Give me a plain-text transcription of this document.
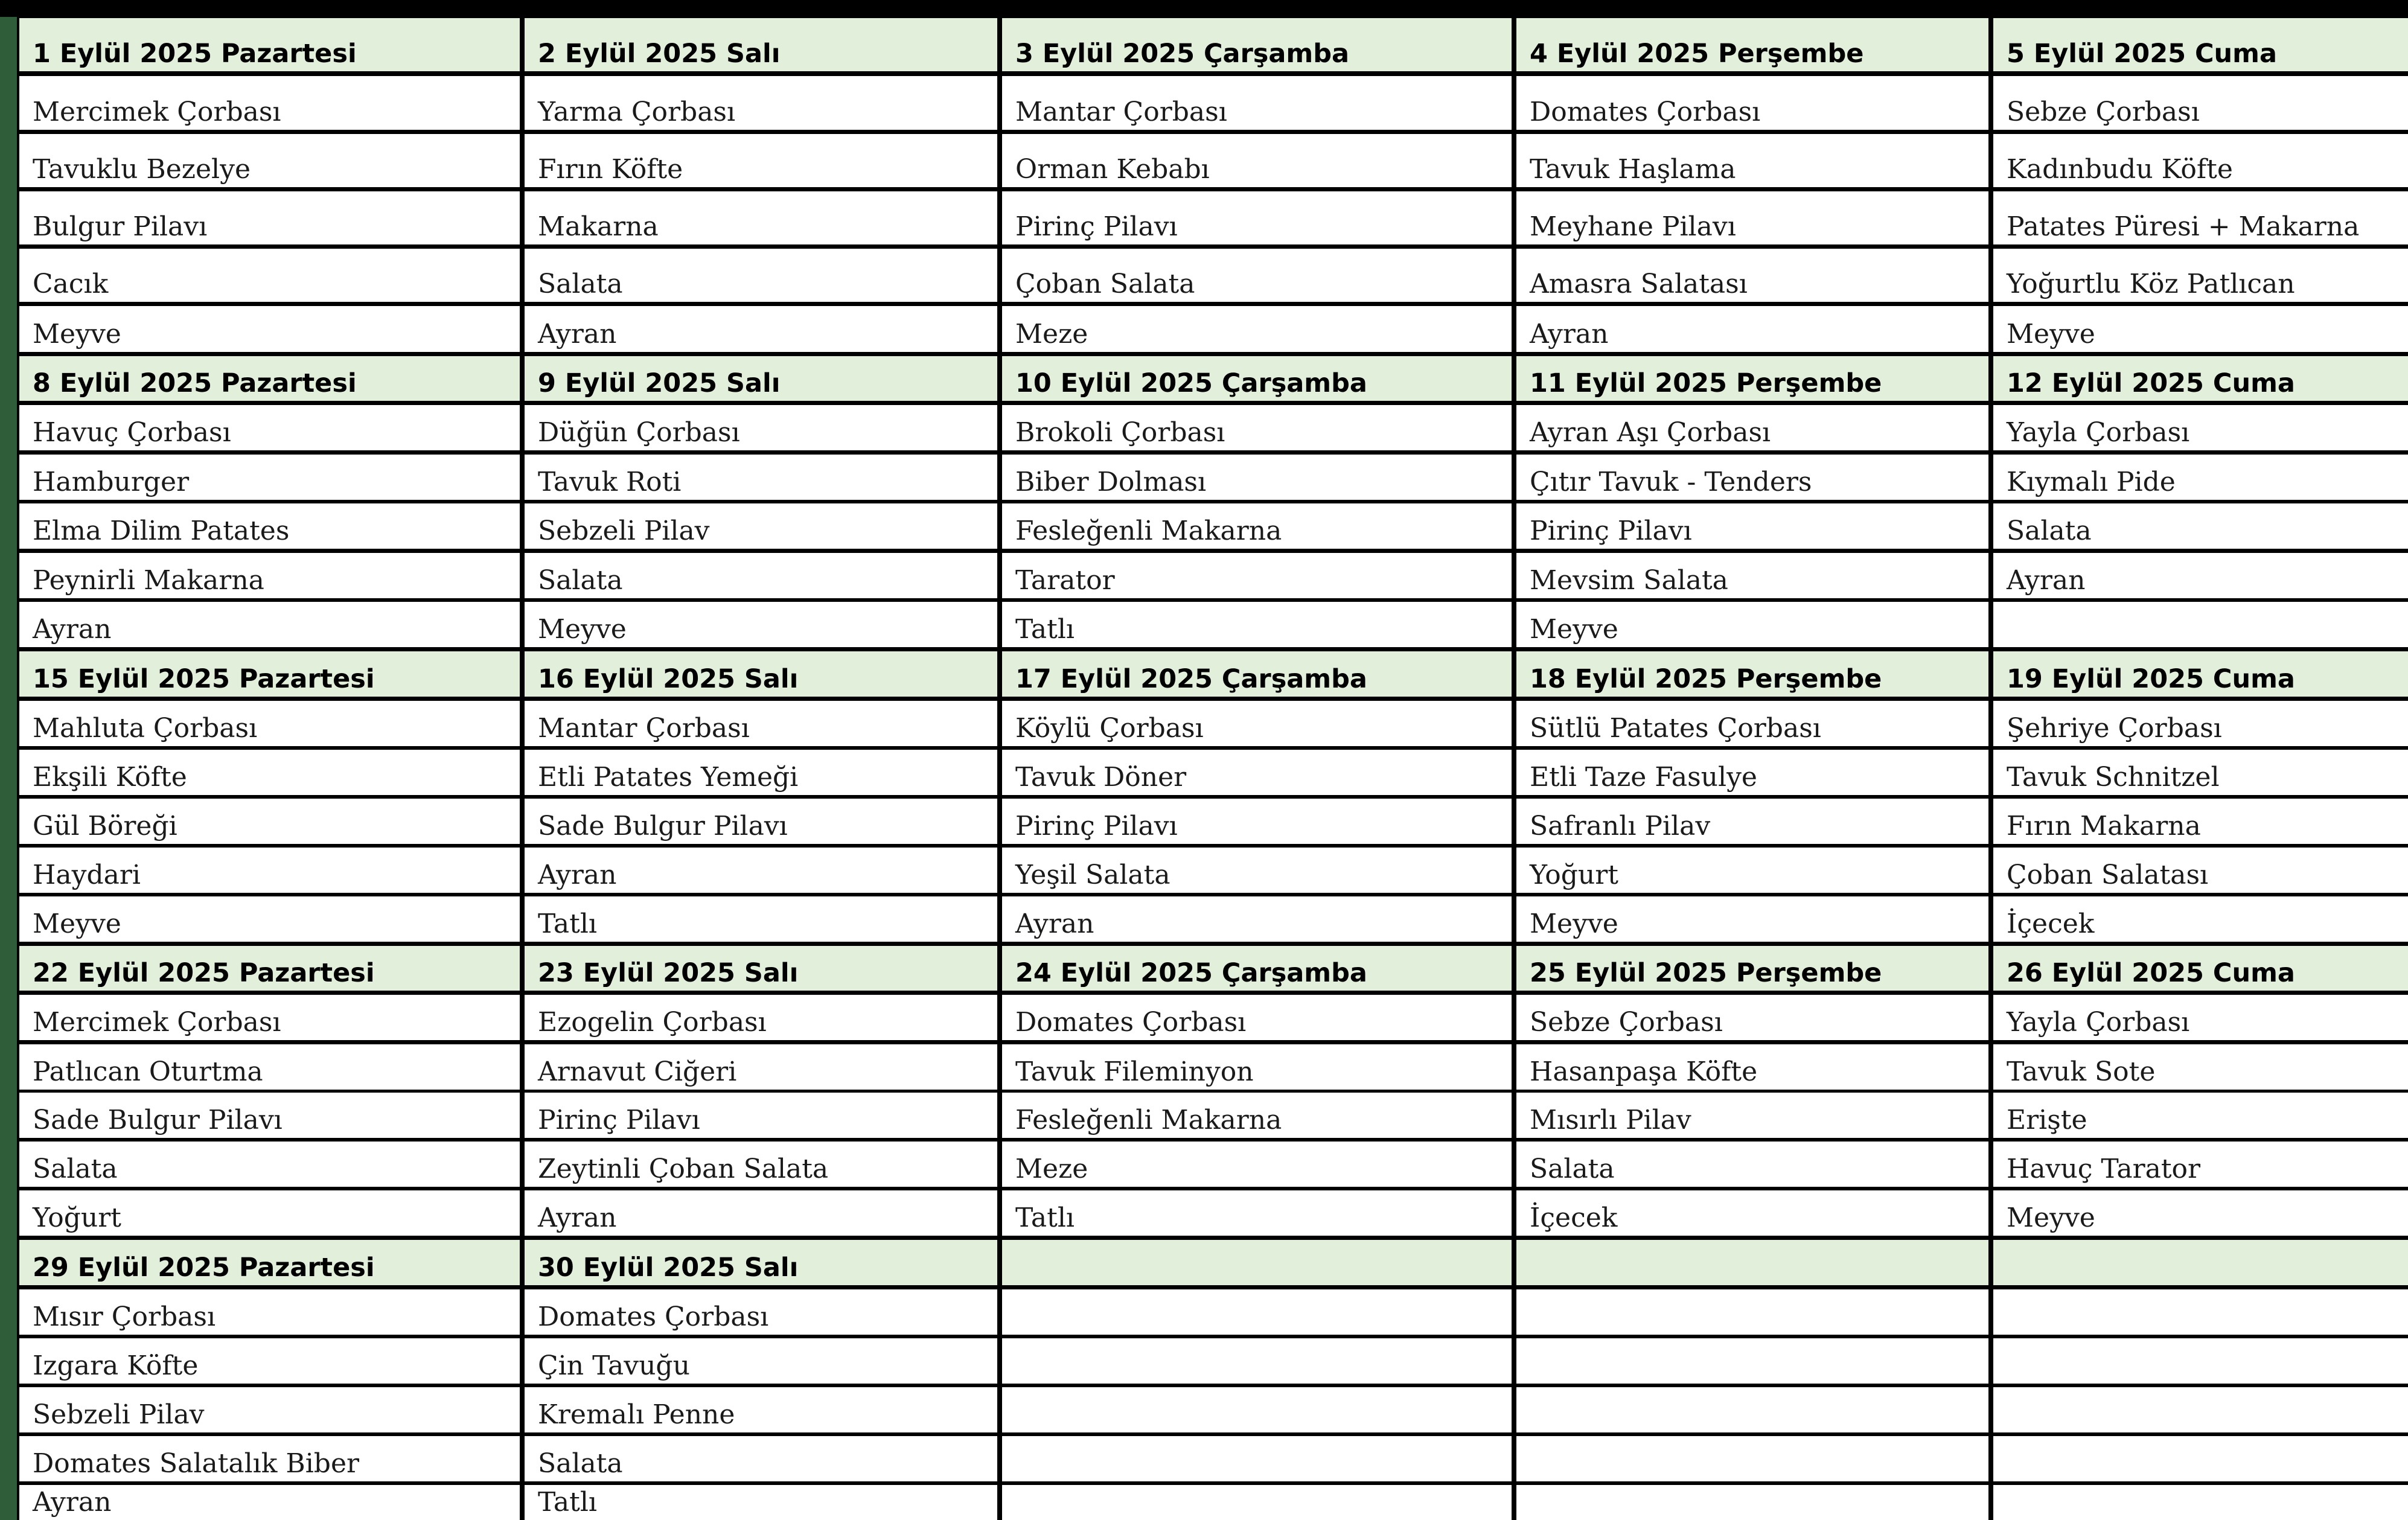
1 Eylül 2025 Pazartesi
Mercimek Çorbası
Tavuklu Bezelye
Bulgur Pilavı
Cacık
Meyve
2 Eylül 2025 Salı
Yarma Çorbası
Fırın Köfte
Makarna
Salata
Ayran
3 Eylül 2025 Çarşamba
Mantar Çorbası
Orman Kebabı
Pirinç Pilavı
Çoban Salata
Meze
4 Eylül 2025 Perşembe
Domates Çorbası
Tavuk Haşlama
Meyhane Pilavı
Amasra Salatası
Ayran
5 Eylül 2025 Cuma
Sebze Çorbası
Kadınbudu Köfte
Patates Püresi + Makarna
Yoğurtlu Köz Patlıcan
Meyve
8 Eylül 2025 Pazartesi
Havuç Çorbası
Hamburger
Elma Dilim Patates
Peynirli Makarna
Ayran
9 Eylül 2025 Salı
Düğün Çorbası
Tavuk Roti
Sebzeli Pilav
Salata
Meyve
10 Eylül 2025 Çarşamba
Brokoli Çorbası
Biber Dolması
Fesleğenli Makarna
Tarator
Tatlı
11 Eylül 2025 Perşembe
Ayran Aşı Çorbası
Çıtır Tavuk - Tenders
Pirinç Pilavı
Mevsim Salata
Meyve
12 Eylül 2025 Cuma
Yayla Çorbası
Kıymalı Pide
Salata
Ayran
15 Eylül 2025 Pazartesi
Mahluta Çorbası
Ekşili Köfte
Gül Böreği
Haydari
Meyve
16 Eylül 2025 Salı
Mantar Çorbası
Etli Patates Yemeği
Sade Bulgur Pilavı
Ayran
Tatlı
17 Eylül 2025 Çarşamba
Köylü Çorbası
Tavuk Döner
Pirinç Pilavı
Yeşil Salata
Ayran
18 Eylül 2025 Perşembe
Sütlü Patates Çorbası
Etli Taze Fasulye
Safranlı Pilav
Yoğurt
Meyve
19 Eylül 2025 Cuma
Şehriye Çorbası
Tavuk Schnitzel
Fırın Makarna
Çoban Salatası
İçecek
22 Eylül 2025 Pazartesi
Mercimek Çorbası
Patlıcan Oturtma
Sade Bulgur Pilavı
Salata
Yoğurt
23 Eylül 2025 Salı
Ezogelin Çorbası
Arnavut Ciğeri
Pirinç Pilavı
Zeytinli Çoban Salata
Ayran
24 Eylül 2025 Çarşamba
Domates Çorbası
Tavuk Fileminyon
Fesleğenli Makarna
Meze
Tatlı
25 Eylül 2025 Perşembe
Sebze Çorbası
Hasanpaşa Köfte
Mısırlı Pilav
Salata
İçecek
26 Eylül 2025 Cuma
Yayla Çorbası
Tavuk Sote
Erişte
Havuç Tarator
Meyve
29 Eylül 2025 Pazartesi
Mısır Çorbası
Izgara Köfte
Sebzeli Pilav
Domates Salatalık Biber
Ayran
30 Eylül 2025 Salı
Domates Çorbası
Çin Tavuğu
Kremalı Penne
Salata
Tatlı
